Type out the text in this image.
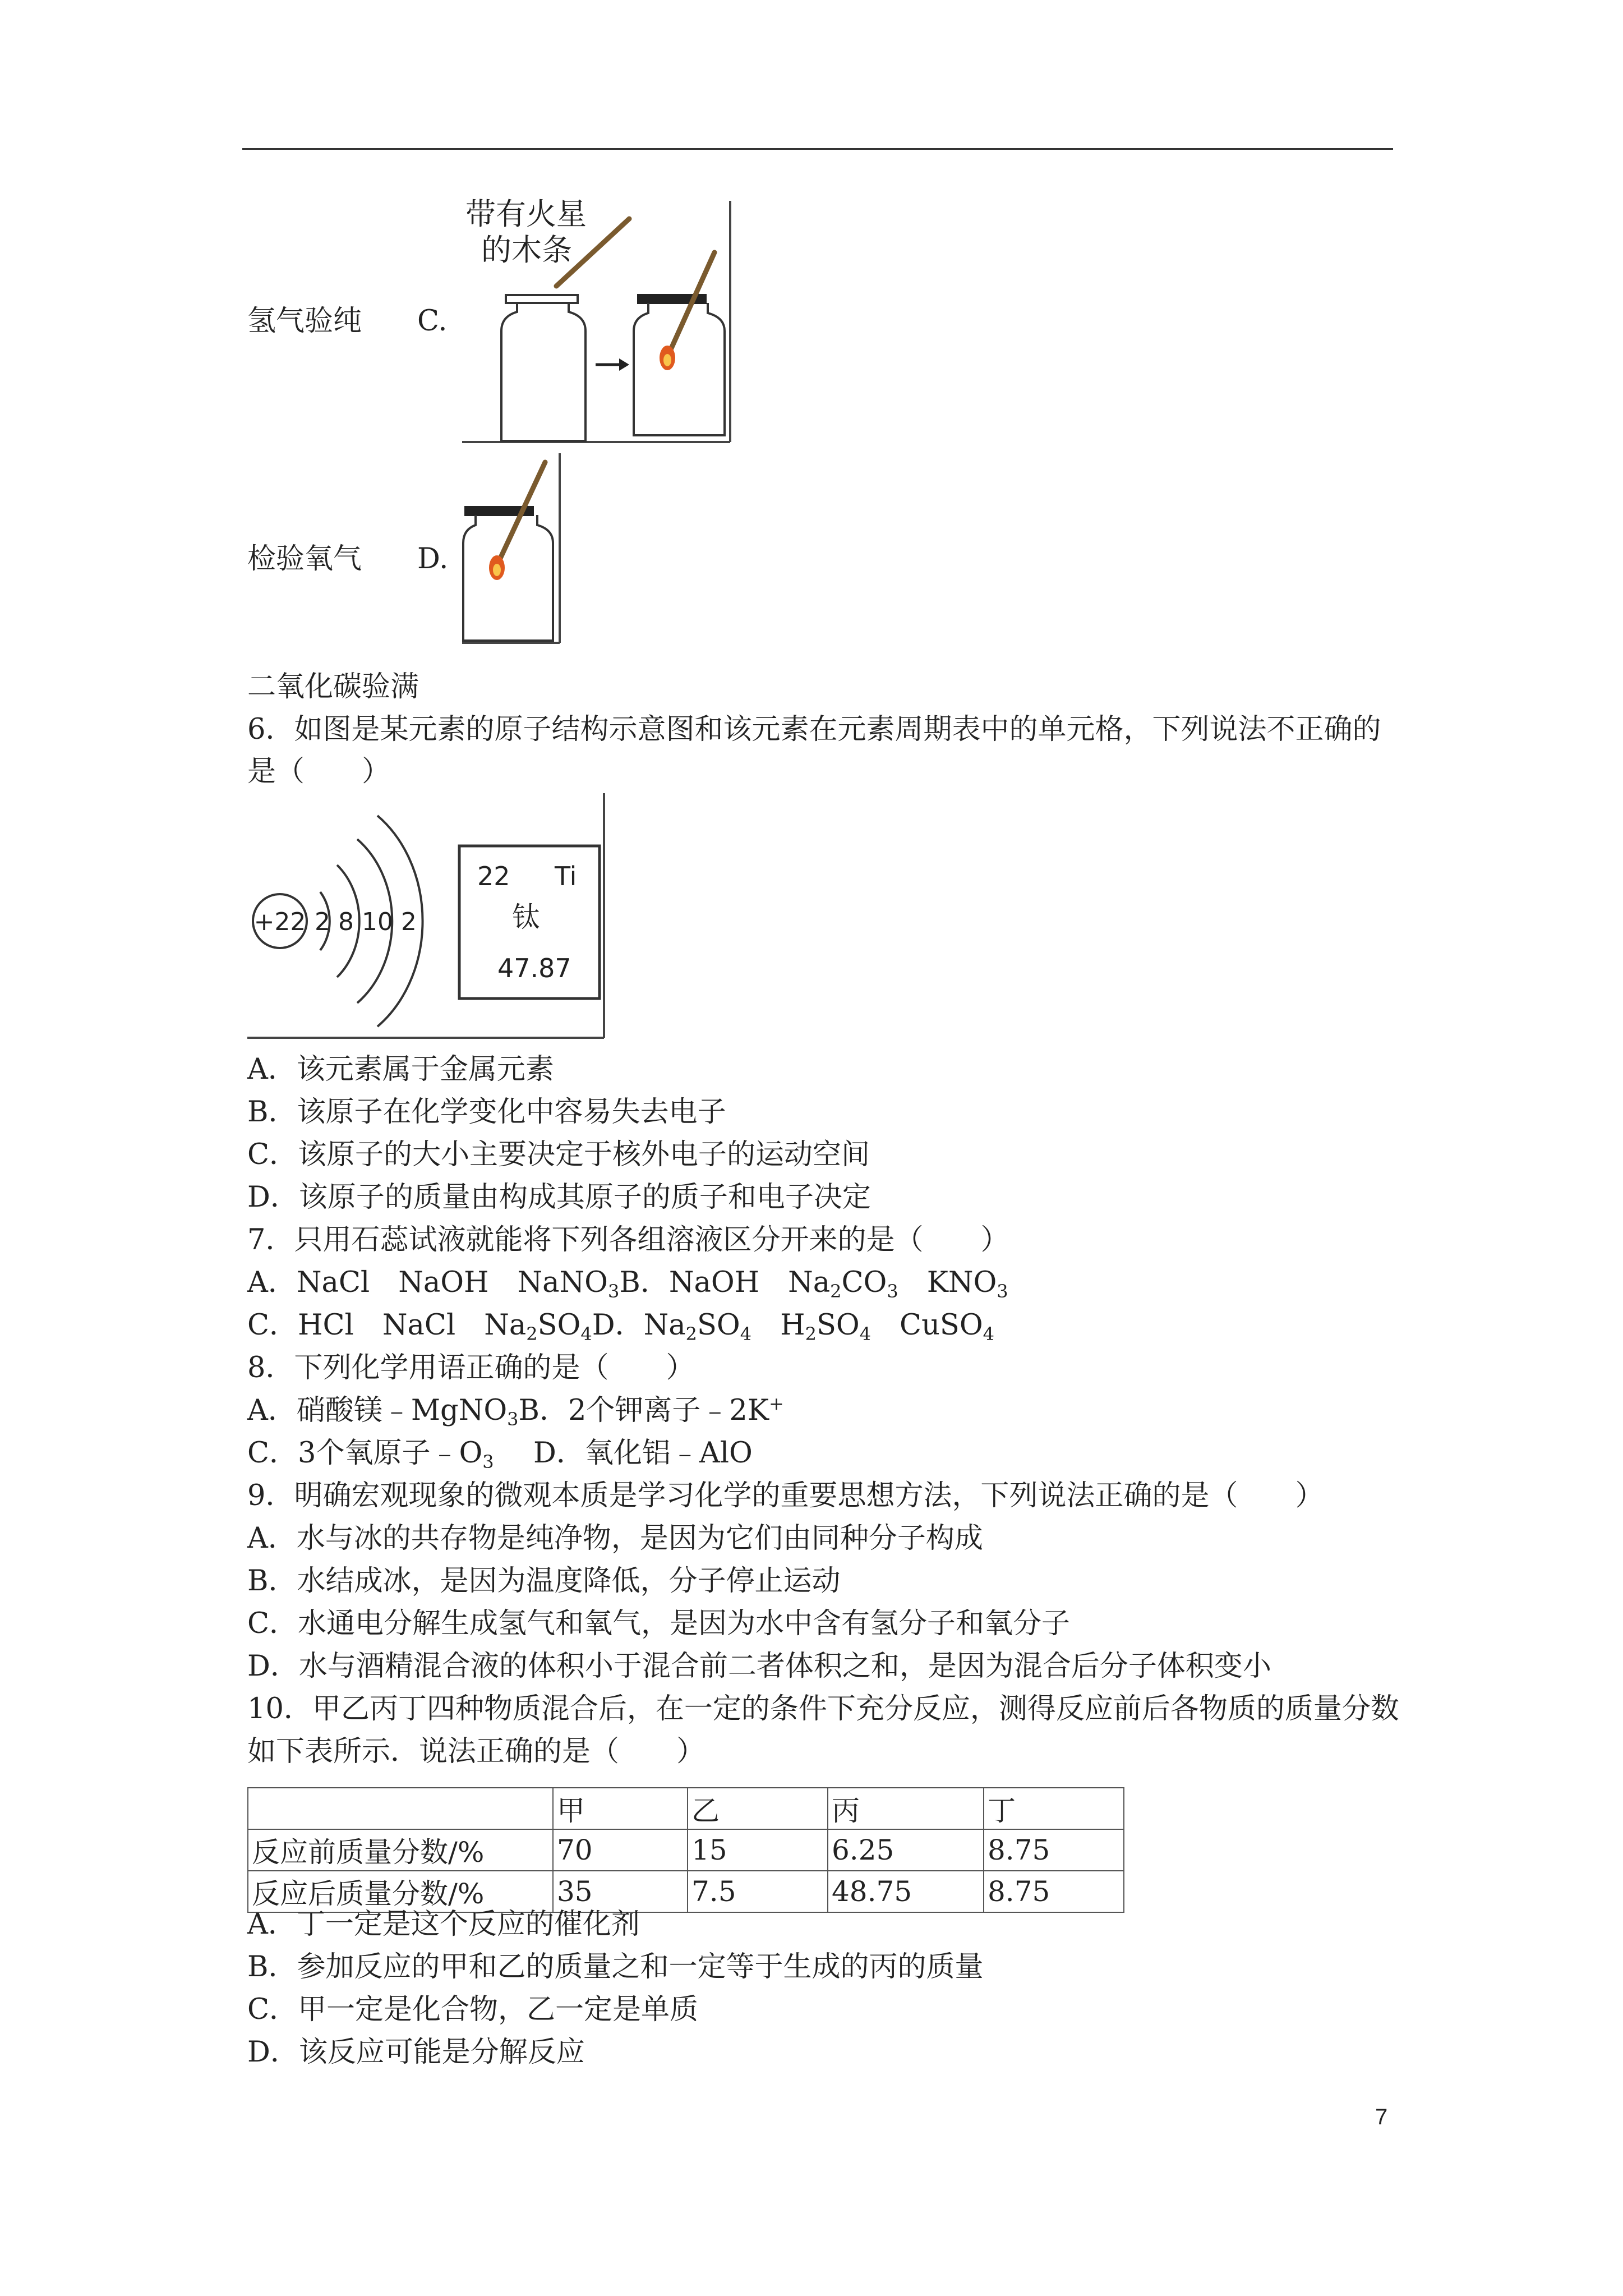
带有火星
的木条
氢气验纯 C.
检验氧气 D.
二氧化碳验满
6．如图是某元素的原子结构示意图和该元素在元素周期表中的单元格，下列说法不正确的
是（　　）
+22 2 8 10 2
22 Ti
钛
47.87
A．该元素属于金属元素
B．该原子在化学变化中容易失去电子
C．该原子的大小主要决定于核外电子的运动空间
D．该原子的质量由构成其原子的质子和电子决定
7．只用石蕊试液就能将下列各组溶液区分开来的是（　　）
A．NaCl　NaOH　NaNO$_3$B．NaOH　$Na_2CO_3$　$KNO_3$
C．HCl　NaCl　$Na_2SO_4D$．$Na_2SO_4$　$H_2SO_4$　CuSO$_4$
8．下列化学用语正确的是（　　）
A．硝酸镁﹣MgNO$_3$B．2个钾离子﹣2K+
C．3个氧原子$﹣O_3$ D．氧化铝﹣AlO
9．明确宏观现象的微观本质是学习化学的重要思想方法，下列说法正确的是（　　）
A．水与冰的共存物是纯净物，是因为它们由同种分子构成
B．水结成冰，是因为温度降低，分子停止运动
C．水通电分解生成氢气和氧气，是因为水中含有氢分子和氧分子
D．水与酒精混合液的体积小于混合前二者体积之和，是因为混合后分子体积变小
10．甲乙丙丁四种物质混合后，在一定的条件下充分反应，测得反应前后各物质的质量分数
如下表所示．说法正确的是（　　）
	甲	乙	丙	丁
反应前质量分数/%	70	15	6.25	8.75
反应后质量分数/%	35	7.5	48.75	8.75
A．丁一定是这个反应的催化剂
B．参加反应的甲和乙的质量之和一定等于生成的丙的质量
C．甲一定是化合物，乙一定是单质
D．该反应可能是分解反应
7
